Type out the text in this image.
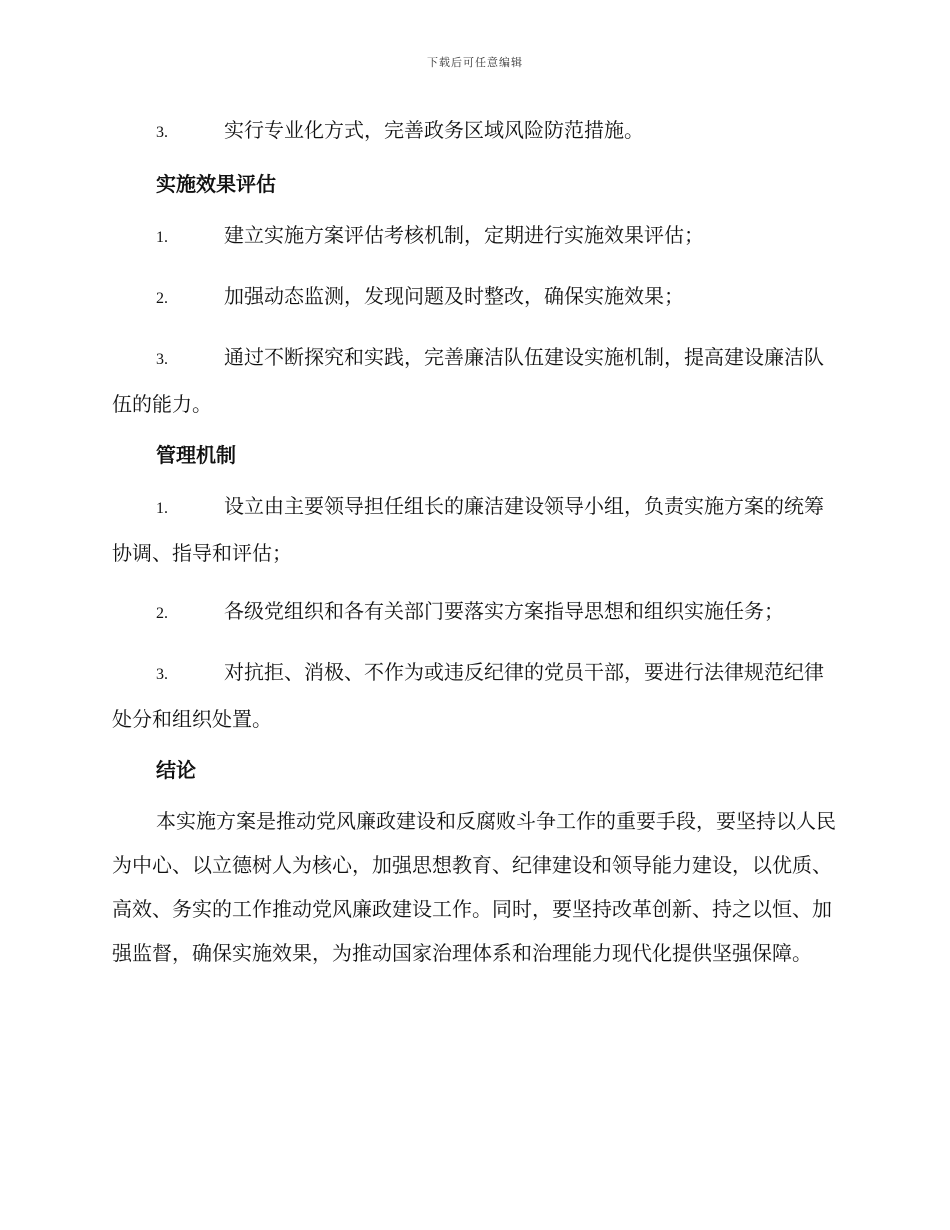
下载后可任意编辑

3.	实行专业化方式，完善政务区域风险防范措施。

实施效果评估

1.	建立实施方案评估考核机制，定期进行实施效果评估；

2.	加强动态监测，发现问题及时整改，确保实施效果；

3.	通过不断探究和实践，完善廉洁队伍建设实施机制，提高建设廉洁队伍的能力。

管理机制

1.	设立由主要领导担任组长的廉洁建设领导小组，负责实施方案的统筹协调、指导和评估；

2.	各级党组织和各有关部门要落实方案指导思想和组织实施任务；

3.	对抗拒、消极、不作为或违反纪律的党员干部，要进行法律规范纪律处分和组织处置。

结论

本实施方案是推动党风廉政建设和反腐败斗争工作的重要手段，要坚持以人民为中心、以立德树人为核心，加强思想教育、纪律建设和领导能力建设，以优质、高效、务实的工作推动党风廉政建设工作。同时，要坚持改革创新、持之以恒、加强监督，确保实施效果，为推动国家治理体系和治理能力现代化提供坚强保障。
